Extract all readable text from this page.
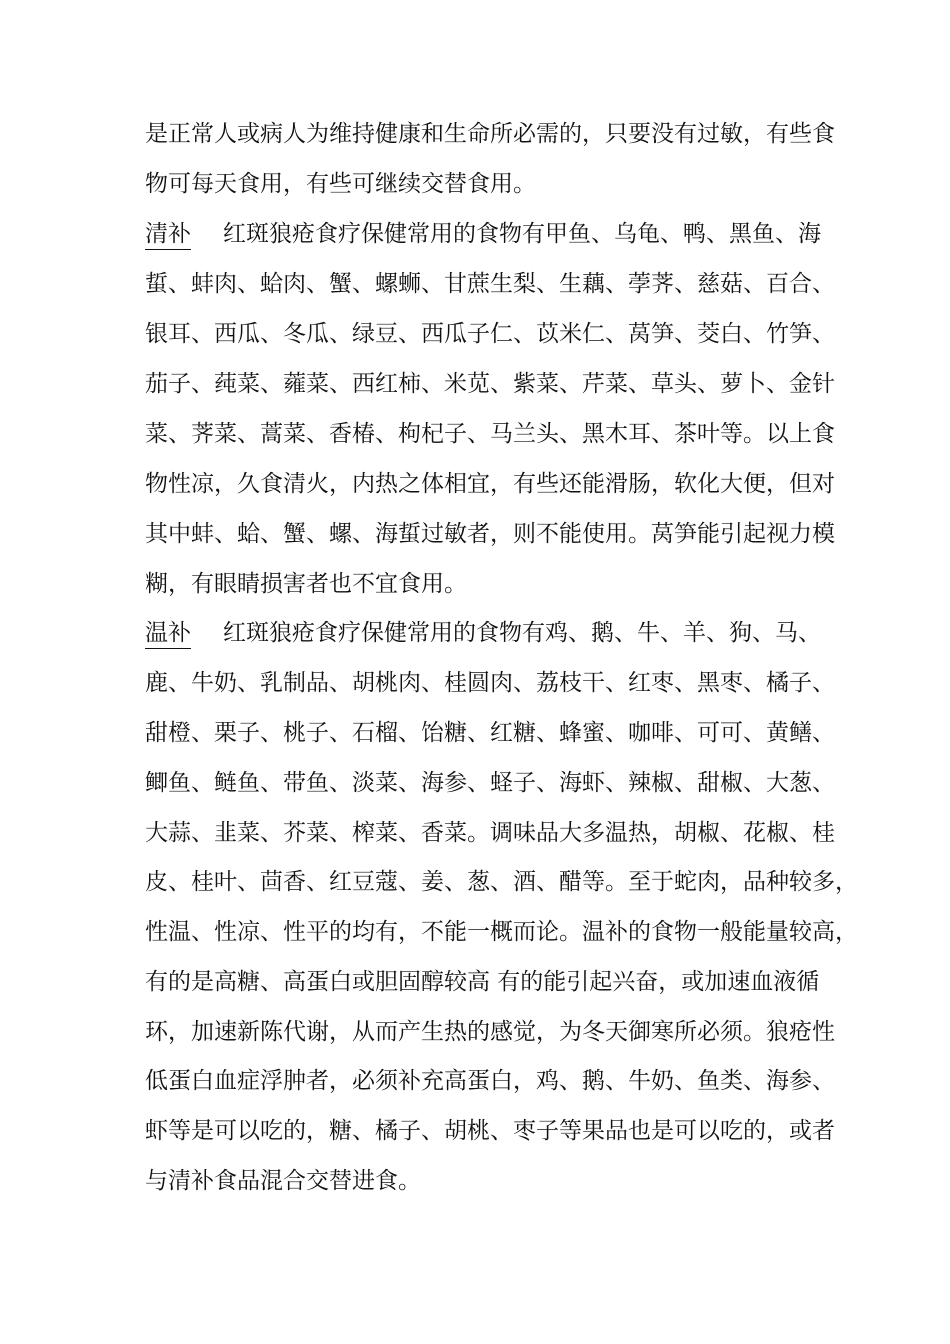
是正常人或病人为维持健康和生命所必需的，只要没有过敏，有些食
物可每天食用，有些可继续交替食用。
清补 红斑狼疮食疗保健常用的食物有甲鱼、乌龟、鸭、黑鱼、海
蜇、蚌肉、蛤肉、蟹、螺蛳、甘蔗生梨、生藕、荸荠、慈菇、百合、
银耳、西瓜、冬瓜、绿豆、西瓜子仁、苡米仁、莴笋、茭白、竹笋、
茄子、莼菜、蕹菜、西红柿、米苋、紫菜、芹菜、草头、萝卜、金针
菜、荠菜、蒿菜、香椿、枸杞子、马兰头、黑木耳、茶叶等。以上食
物性凉，久食清火，内热之体相宜，有些还能滑肠，软化大便，但对
其中蚌、蛤、蟹、螺、海蜇过敏者，则不能使用。莴笋能引起视力模
糊，有眼睛损害者也不宜食用。
温补 红斑狼疮食疗保健常用的食物有鸡、鹅、牛、羊、狗、马、
鹿、牛奶、乳制品、胡桃肉、桂圆肉、荔枝干、红枣、黑枣、橘子、
甜橙、栗子、桃子、石榴、饴糖、红糖、蜂蜜、咖啡、可可、黄鳝、
鲫鱼、鲢鱼、带鱼、淡菜、海参、蛏子、海虾、辣椒、甜椒、大葱、
大蒜、韭菜、芥菜、榨菜、香菜。调味品大多温热，胡椒、花椒、桂
皮、桂叶、茴香、红豆蔻、姜、葱、酒、醋等。至于蛇肉，品种较多，
性温、性凉、性平的均有，不能一概而论。温补的食物一般能量较高，
有的是高糖、高蛋白或胆固醇较高 有的能引起兴奋，或加速血液循
环，加速新陈代谢，从而产生热的感觉，为冬天御寒所必须。狼疮性
低蛋白血症浮肿者，必须补充高蛋白，鸡、鹅、牛奶、鱼类、海参、
虾等是可以吃的，糖、橘子、胡桃、枣子等果品也是可以吃的，或者
与清补食品混合交替进食。
